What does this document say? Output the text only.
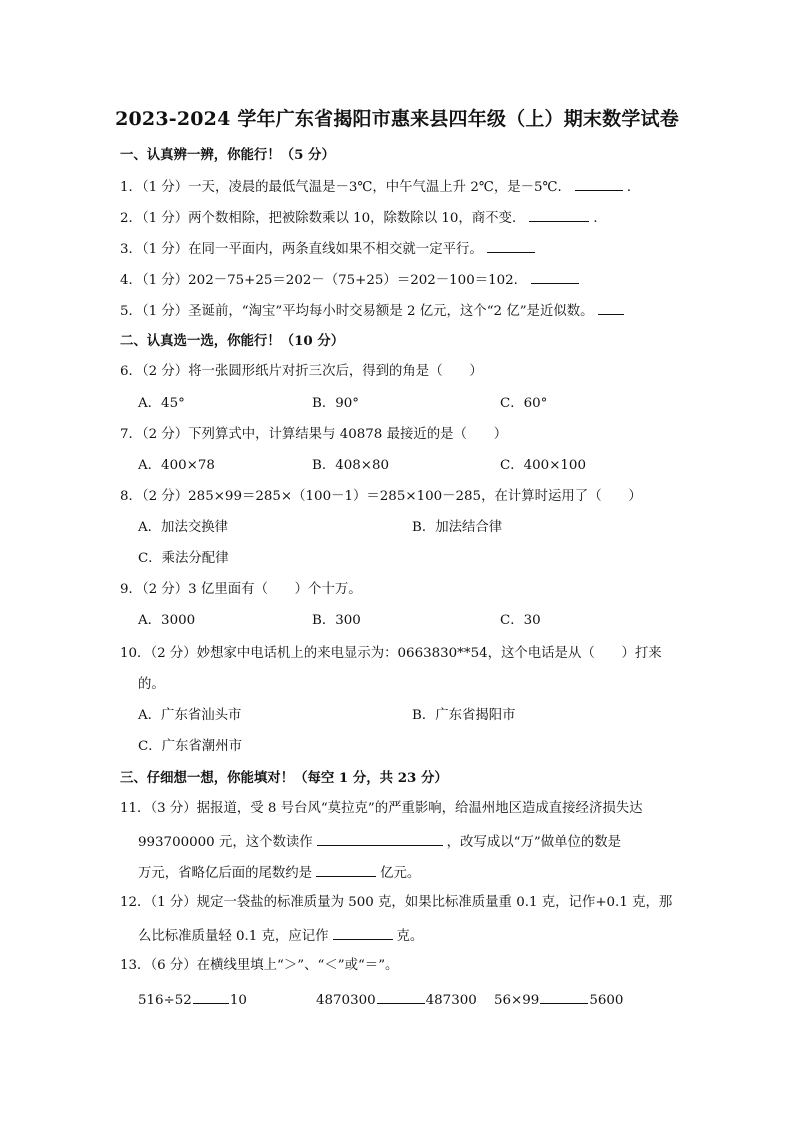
2023-2024 学年广东省揭阳市惠来县四年级（上）期末数学试卷
一、认真辨一辨，你能行！（5 分）
1．（1 分）一天，凌晨的最低气温是－3℃，中午气温上升 2℃，是－5℃．	．
2．（1 分）两个数相除，把被除数乘以 10，除数除以 10，商不变．	．
3．（1 分）在同一平面内，两条直线如果不相交就一定平行。
4．（1 分）202－75+25＝202－（75+25）＝202－100＝102．
5．（1 分）圣诞前，“淘宝”平均每小时交易额是 2 亿元，这个“2 亿”是近似数。
二、认真选一选，你能行！（10 分）
6．（2 分）将一张圆形纸片对折三次后，得到的角是（　　）
A．45°	B．90°	C．60°
7．（2 分）下列算式中，计算结果与 40878 最接近的是（　　）
A．400×78	B．408×80	C．400×100
8．（2 分）285×99＝285×（100－1）＝285×100－285，在计算时运用了（　　）
A．加法交换律	B．加法结合律
C．乘法分配律
9．（2 分）3 亿里面有（　　）个十万。
A．3000	B．300	C．30
10．（2 分）妙想家中电话机上的来电显示为：0663830**54，这个电话是从（　　）打来
的。
A．广东省汕头市	B．广东省揭阳市
C．广东省潮州市
三、仔细想一想，你能填对！（每空 1 分，共 23 分）
11．（3 分）据报道，受 8 号台风“莫拉克”的严重影响，给温州地区造成直接经济损失达
993700000 元，这个数读作	，改写成以“万”做单位的数是
万元，省略亿后面的尾数约是	亿元。
12．（1 分）规定一袋盐的标准质量为 500 克，如果比标准质量重 0.1 克，记作+0.1 克，那
么比标准质量轻 0.1 克，应记作	克。
13．（6 分）在横线里填上“＞”、“＜”或“＝”。
516÷52	10	4870300	487300 56×99	5600
